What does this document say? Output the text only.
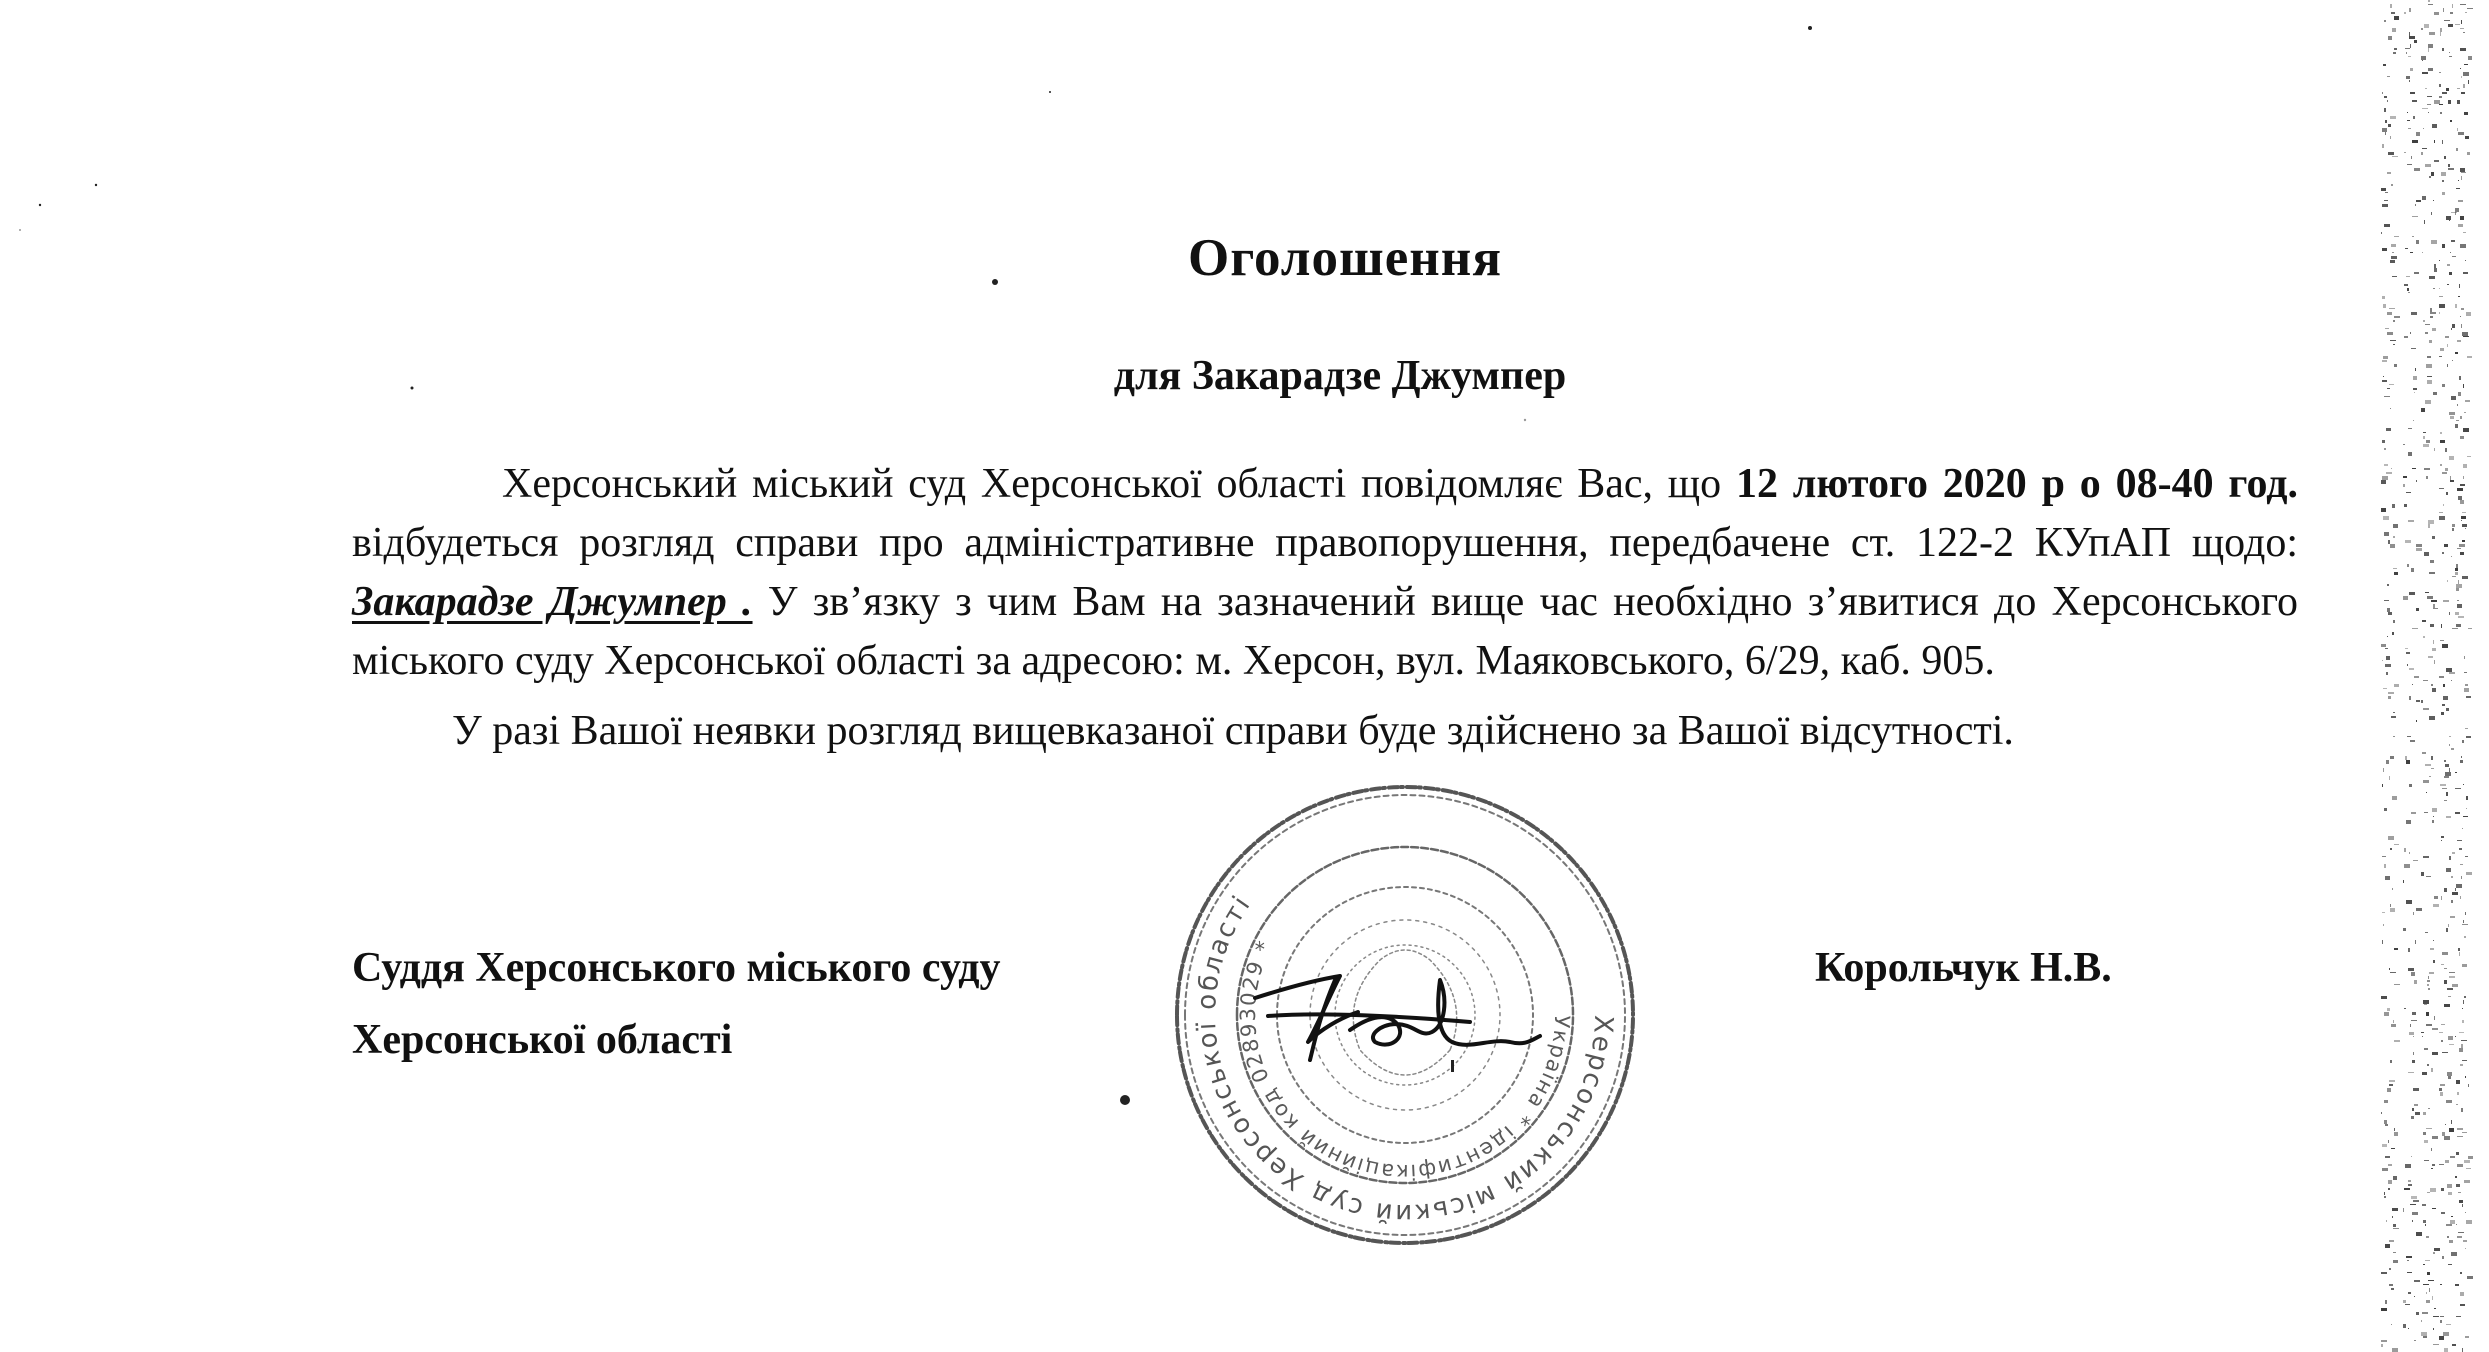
Оголошення
для Закарадзе Джумпер

Херсонський міський суд Херсонської області повідомляє Вас, що 12 лютого 2020 р о 08-40 год. відбудеться розгляд справи про адміністративне правопорушення, передбачене ст. 122-2 КУпАП щодо: Закарадзе Джумпер . У зв’язку з чим Вам на зазначений вище час необхідно з’явитися до Херсонського міського суду Херсонської області за адресою: м. Херсон, вул. Маяковського, 6/29, каб. 905.

У разі Вашої неявки розгляд вищевказаної справи буде здійснено за Вашої відсутності.

Суддя Херсонського міського суду
Херсонської області
Корольчук Н.В.
Херсонський міський суд Херсонської області
Україна * ідентифікаційний код 02893029 *
